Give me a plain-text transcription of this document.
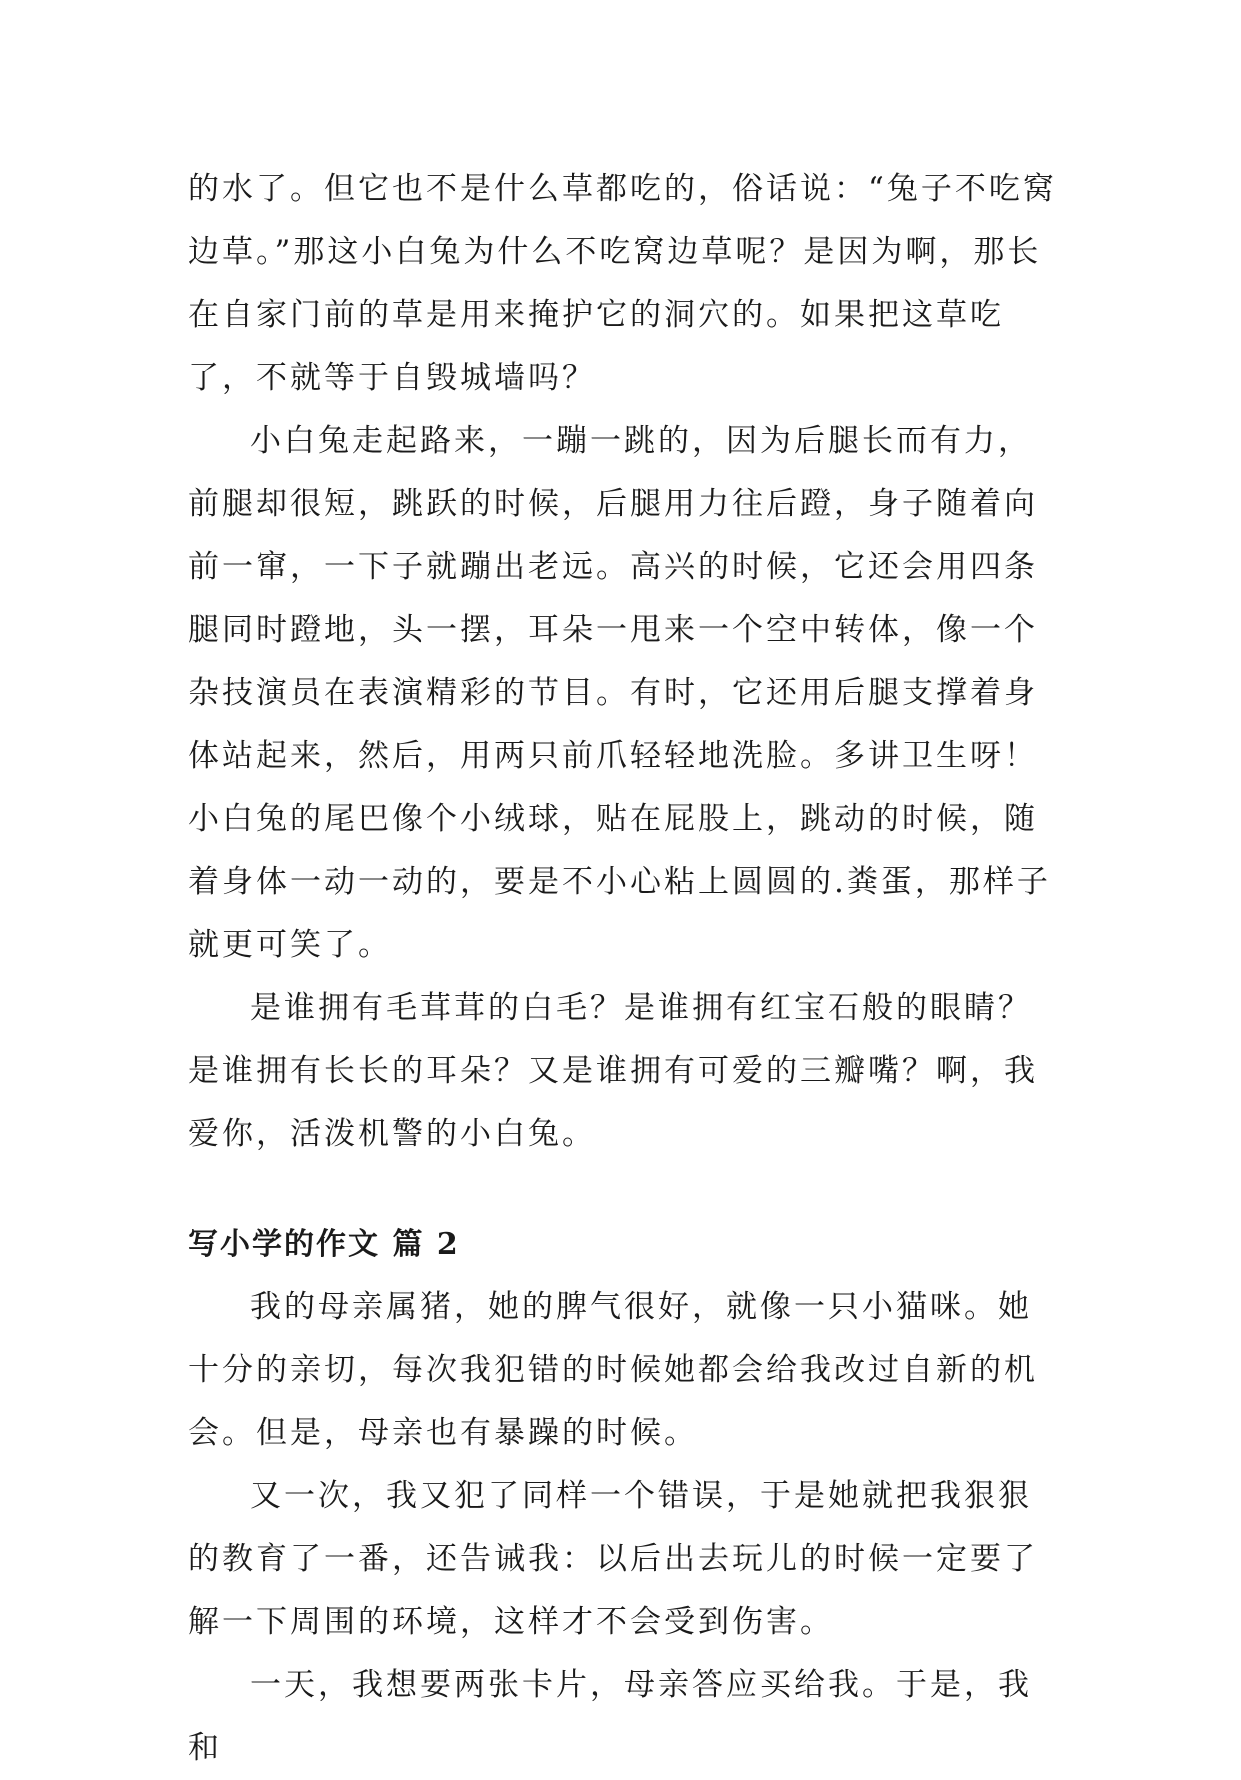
的水了。但它也不是什么草都吃的，俗话说：“兔子不吃窝边草。”那这小白兔为什么不吃窝边草呢？是因为啊，那长在自家门前的草是用来掩护它的洞穴的。如果把这草吃了，不就等于自毁城墙吗？

小白兔走起路来，一蹦一跳的，因为后腿长而有力，前腿却很短，跳跃的时候，后腿用力往后蹬，身子随着向前一窜，一下子就蹦出老远。高兴的时候，它还会用四条腿同时蹬地，头一摆，耳朵一甩来一个空中转体，像一个杂技演员在表演精彩的节目。有时，它还用后腿支撑着身体站起来，然后，用两只前爪轻轻地洗脸。多讲卫生呀！小白兔的尾巴像个小绒球，贴在屁股上，跳动的时候，随着身体一动一动的，要是不小心粘上圆圆的.粪蛋，那样子就更可笑了。

是谁拥有毛茸茸的白毛？是谁拥有红宝石般的眼睛？是谁拥有长长的耳朵？又是谁拥有可爱的三瓣嘴？啊，我爱你，活泼机警的小白兔。

写小学的作文 篇 2

我的母亲属猪，她的脾气很好，就像一只小猫咪。她十分的亲切，每次我犯错的时候她都会给我改过自新的机会。但是，母亲也有暴躁的时候。

又一次，我又犯了同样一个错误，于是她就把我狠狠的教育了一番，还告诫我：以后出去玩儿的时候一定要了解一下周围的环境，这样才不会受到伤害。

一天，我想要两张卡片，母亲答应买给我。于是，我和
